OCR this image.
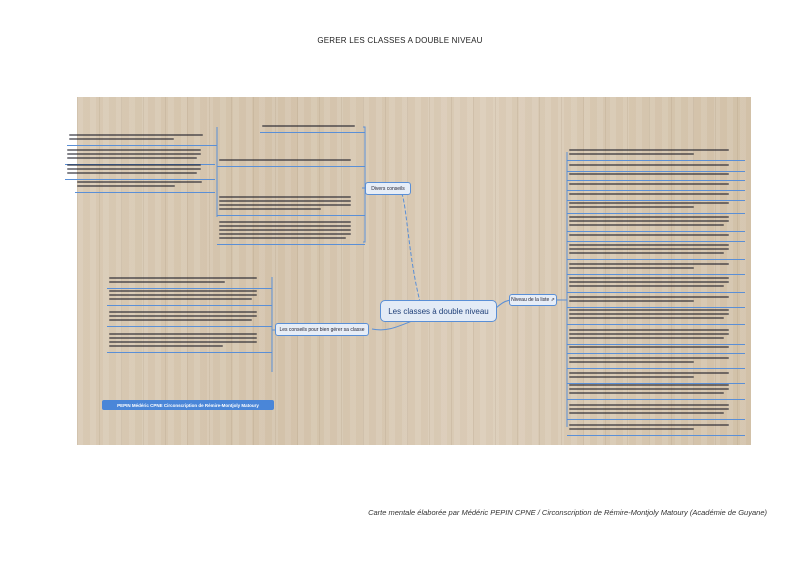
GERER LES CLASSES A DOUBLE NIVEAU
Divers conseils
Les conseils pour bien gérer sa classe
Les classes à double niveau
Niveau de la liste ⇗
PEPIN Médéric CPNE Circonscription de Rémire-Montjoly Matoury
Carte mentale élaborée par Médéric PEPIN CPNE / Circonscription de Rémire-Montjoly Matoury (Académie de Guyane)
